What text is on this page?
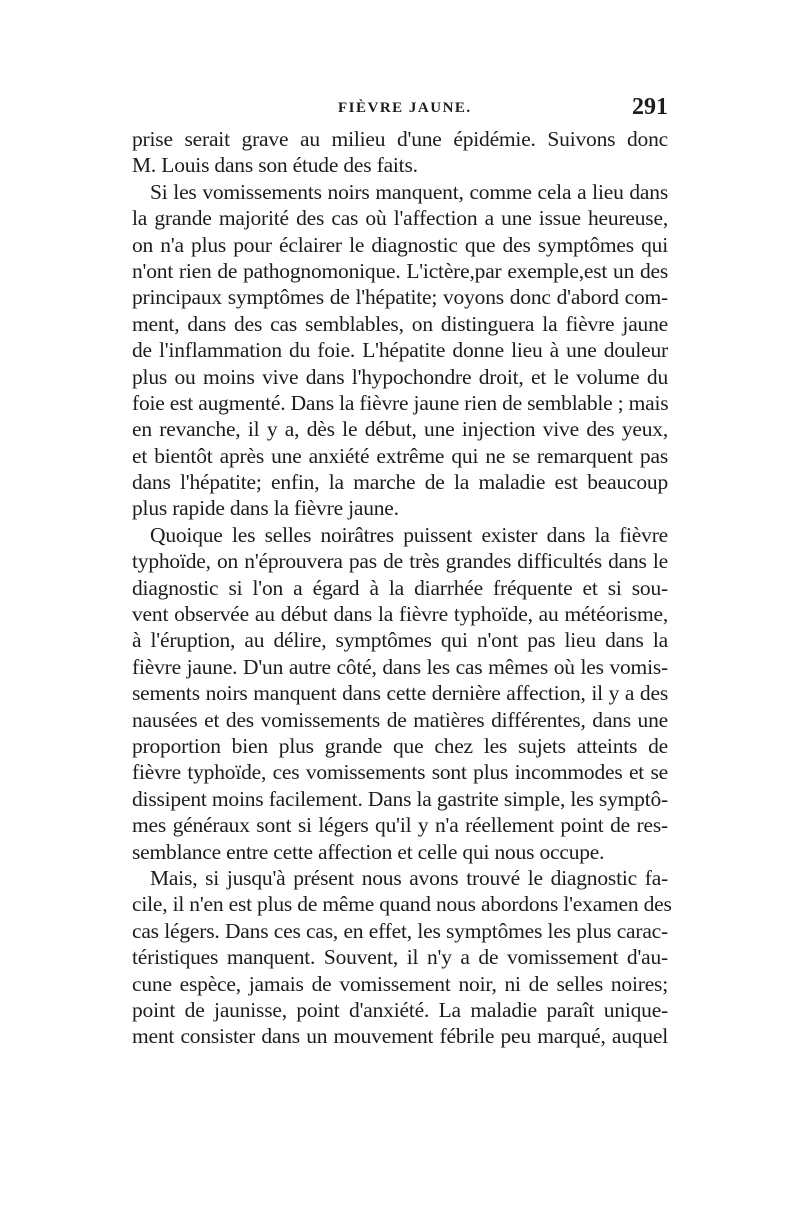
FIÈVRE JAUNE.	291
prise serait grave au milieu d'une épidémie. Suivons donc
M. Louis dans son étude des faits.
Si les vomissements noirs manquent, comme cela a lieu dans
la grande majorité des cas où l'affection a une issue heureuse,
on n'a plus pour éclairer le diagnostic que des symptômes qui
n'ont rien de pathognomonique. L'ictère,par exemple,est un des
principaux symptômes de l'hépatite; voyons donc d'abord com-
ment, dans des cas semblables, on distinguera la fièvre jaune
de l'inflammation du foie. L'hépatite donne lieu à une douleur
plus ou moins vive dans l'hypochondre droit, et le volume du
foie est augmenté. Dans la fièvre jaune rien de semblable ; mais
en revanche, il y a, dès le début, une injection vive des yeux,
et bientôt après une anxiété extrême qui ne se remarquent pas
dans l'hépatite; enfin, la marche de la maladie est beaucoup
plus rapide dans la fièvre jaune.
Quoique les selles noirâtres puissent exister dans la fièvre
typhoïde, on n'éprouvera pas de très grandes difficultés dans le
diagnostic si l'on a égard à la diarrhée fréquente et si sou-
vent observée au début dans la fièvre typhoïde, au météorisme,
à l'éruption, au délire, symptômes qui n'ont pas lieu dans la
fièvre jaune. D'un autre côté, dans les cas mêmes où les vomis-
sements noirs manquent dans cette dernière affection, il y a des
nausées et des vomissements de matières différentes, dans une
proportion bien plus grande que chez les sujets atteints de
fièvre typhoïde, ces vomissements sont plus incommodes et se
dissipent moins facilement. Dans la gastrite simple, les symptô-
mes généraux sont si légers qu'il y n'a réellement point de res-
semblance entre cette affection et celle qui nous occupe.
Mais, si jusqu'à présent nous avons trouvé le diagnostic fa-
cile, il n'en est plus de même quand nous abordons l'examen des
cas légers. Dans ces cas, en effet, les symptômes les plus carac-
téristiques manquent. Souvent, il n'y a de vomissement d'au-
cune espèce, jamais de vomissement noir, ni de selles noires;
point de jaunisse, point d'anxiété. La maladie paraît unique-
ment consister dans un mouvement fébrile peu marqué, auquel
